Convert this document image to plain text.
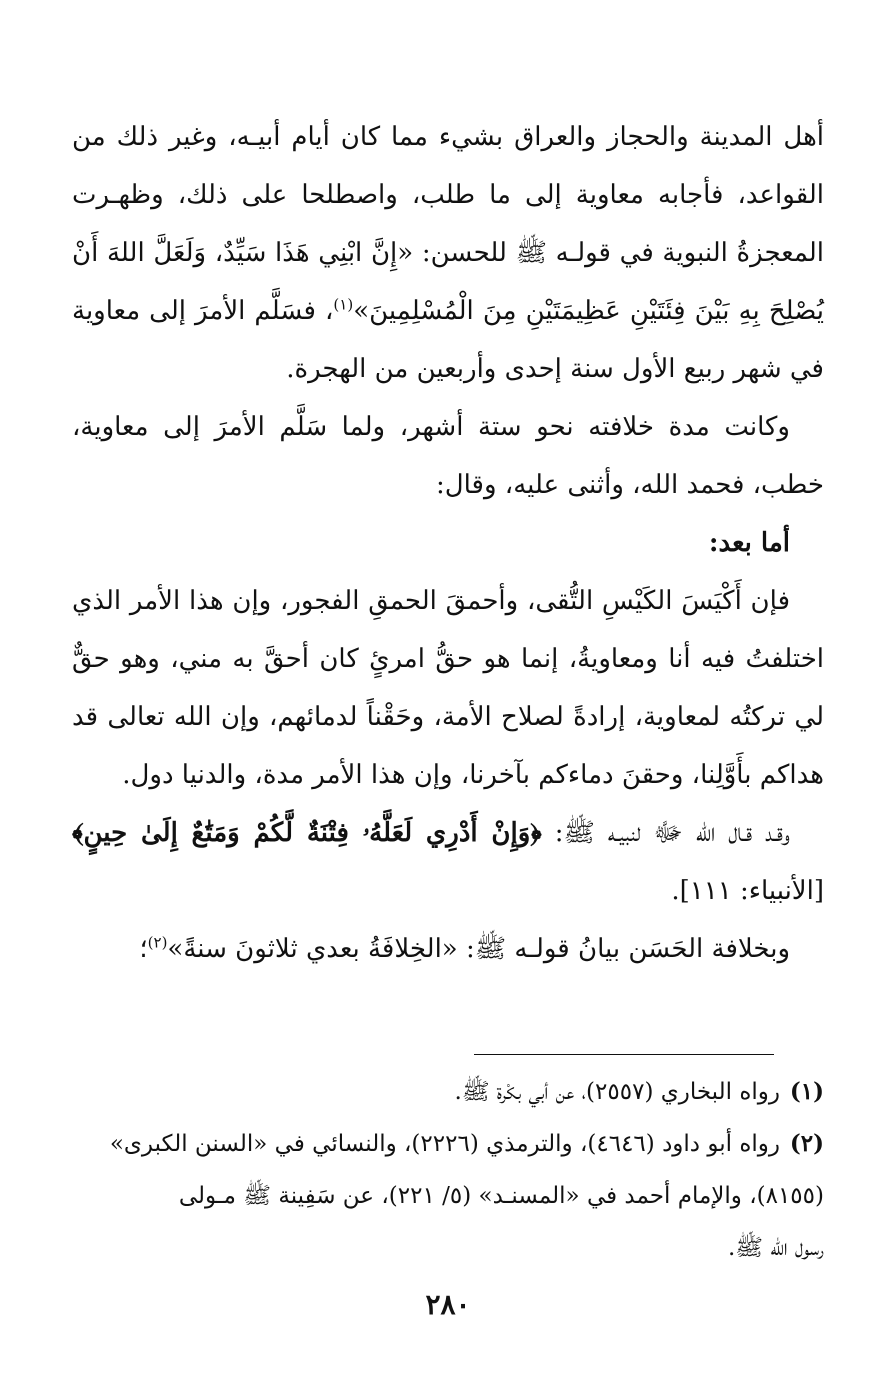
أهل المدينة والحجاز والعراق بشيء مما كان أيام أبيـه، وغير ذلك من القواعد، فأجابه معاوية إلى ما طلب، واصطلحا على ذلك، وظهـرت المعجزةُ النبوية في قولـه ﷺ للحسن: «إِنَّ ابْنِي هَذَا سَيِّدٌ، وَلَعَلَّ اللهَ أَنْ يُصْلِحَ بِهِ بَيْنَ فِئَتَيْنِ عَظِيمَتَيْنِ مِنَ الْمُسْلِمِينَ»$^{(١)}$، فسَلَّم الأمرَ إلى معاوية في شهر ربيع الأول سنة إحدى وأربعين من الهجرة.

وكانت مدة خلافته نحو ستة أشهر، ولما سَلَّم الأمرَ إلى معاوية، خطب، فحمد الله، وأثنى عليه، وقال:

أما بعد:

فإن أَكْيَسَ الكَيْسِ التُّقى، وأحمقَ الحمقِ الفجور، وإن هذا الأمر الذي اختلفتُ فيه أنا ومعاويةُ، إنما هو حقُّ امرئٍ كان أحقَّ به مني، وهو حقٌّ لي تركتُه لمعاوية، إرادةً لصلاح الأمة، وحَقْناً لدمائهم، وإن الله تعالى قد هداكم بأَوَّلِنا، وحقنَ دماءكم بآخرنا، وإن هذا الأمر مدة، والدنيا دول.

وقـد قـال الله ﷻ لنبيـه ﷺ: ﴿وَإِنْ أَدْرِي لَعَلَّهُۥ فِتْنَةٌ لَّكُمْ وَمَتَٰعٌ إِلَىٰ حِينٍ﴾[الأنبياء: ١١١].

وبخلافة الحَسَن بيانُ قولـه ﷺ: «الخِلافَةُ بعدي ثلاثونَ سنةً»$^{(٢)}$؛

(١)رواه البخاري (٢٥٥٧)، عن أبي بكْرة ﷺ.

(٢)رواه أبو داود (٤٦٤٦)، والترمذي (٢٢٢٦)، والنسائي في «السنن الكبرى»

(٨١٥٥)، والإمام أحمد في «المسنـد» (٥/ ٢٢١)، عن سَفِينة ﷺ مـولى

رسول الله ﷺ.

٢٨٠
